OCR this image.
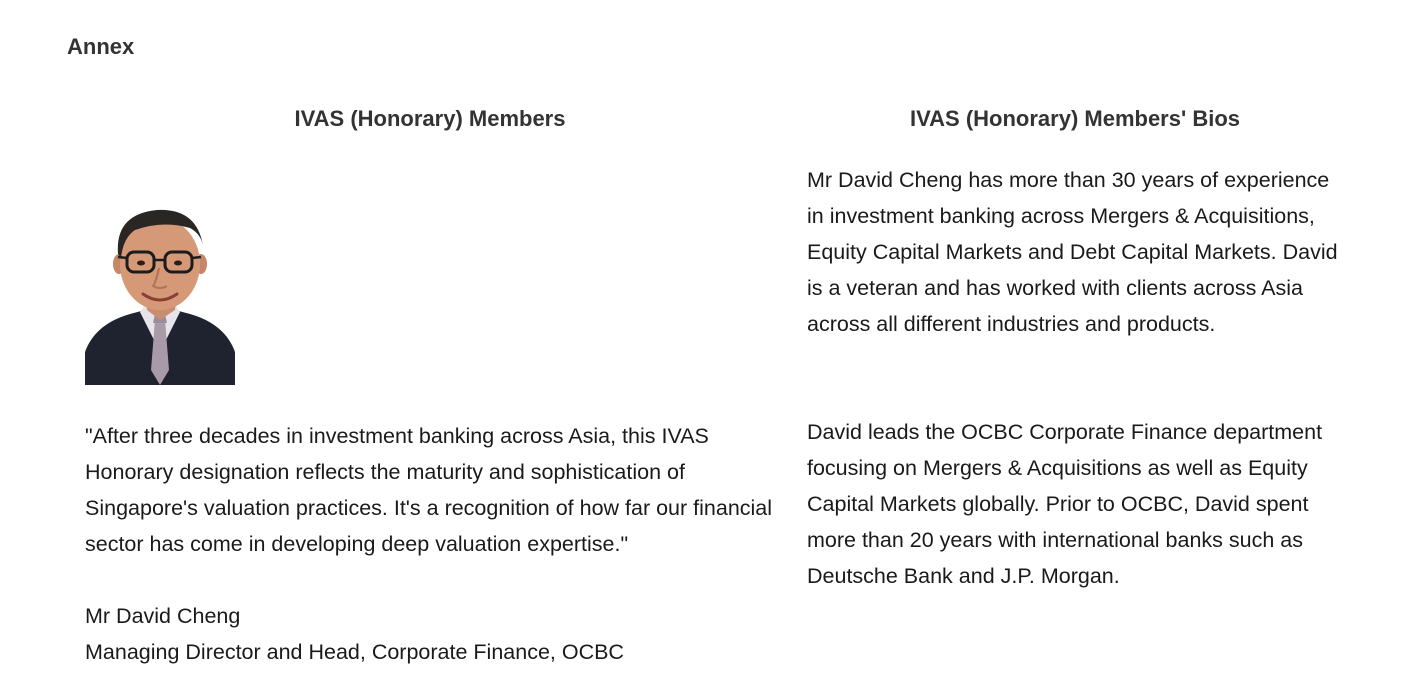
Annex
IVAS (Honorary) Members	IVAS (Honorary) Members' Bios
"After three decades in investment banking across Asia, this IVAS Honorary designation reflects the maturity and sophistication of Singapore's valuation practices. It's a recognition of how far our financial sector has come in developing deep valuation expertise."
Mr David Cheng
Managing Director and Head, Corporate Finance, OCBC
Mr David Cheng has more than 30 years of experience in investment banking across Mergers & Acquisitions, Equity Capital Markets and Debt Capital Markets. David is a veteran and has worked with clients across Asia across all different industries and products.
David leads the OCBC Corporate Finance department focusing on Mergers & Acquisitions as well as Equity Capital Markets globally. Prior to OCBC, David spent more than 20 years with international banks such as Deutsche Bank and J.P. Morgan.
